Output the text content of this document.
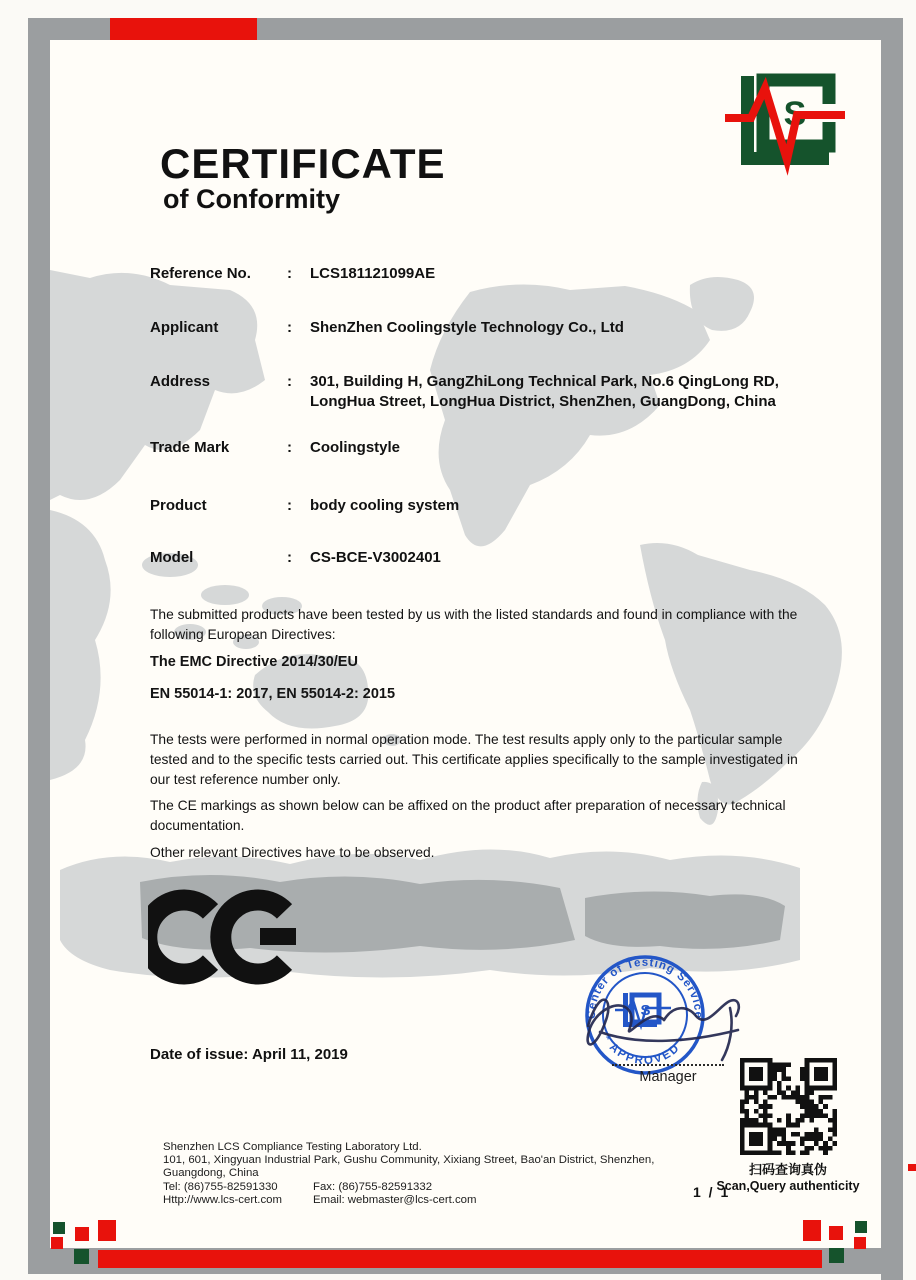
S
CERTIFICATE
of Conformity
Reference No.	:	LCS181121099AE
Applicant	:	ShenZhen Coolingstyle Technology Co., Ltd
Address	:	301, Building H, GangZhiLong Technical Park, No.6 QingLong RD, LongHua Street, LongHua District, ShenZhen, GuangDong, China
Trade Mark	:	Coolingstyle
Product	:	body cooling system
Model	:	CS-BCE-V3002401
The submitted products have been tested by us with the listed standards and found in compliance with the following European Directives:
The EMC Directive 2014/30/EU
EN 55014-1: 2017, EN 55014-2: 2015
The tests were performed in normal operation mode. The test results apply only to the particular sample tested and to the specific tests carried out. This certificate applies specifically to the sample investigated in our test reference number only.
The CE markings as shown below can be affixed on the product after preparation of necessary technical documentation.
Other relevant Directives have to be observed.
Date of issue: April 11, 2019
Center of Testing Service
* APPROVED *
S
Manager
扫码查询真伪
Scan,Query authenticity
Shenzhen LCS Compliance Testing Laboratory Ltd.
101, 601, Xingyuan Industrial Park, Gushu Community, Xixiang Street, Bao'an District, Shenzhen,
Guangdong, China
Tel: (86)755-82591330	Fax: (86)755-82591332
Http://www.lcs-cert.com	Email: webmaster@lcs-cert.com	1 / 1
